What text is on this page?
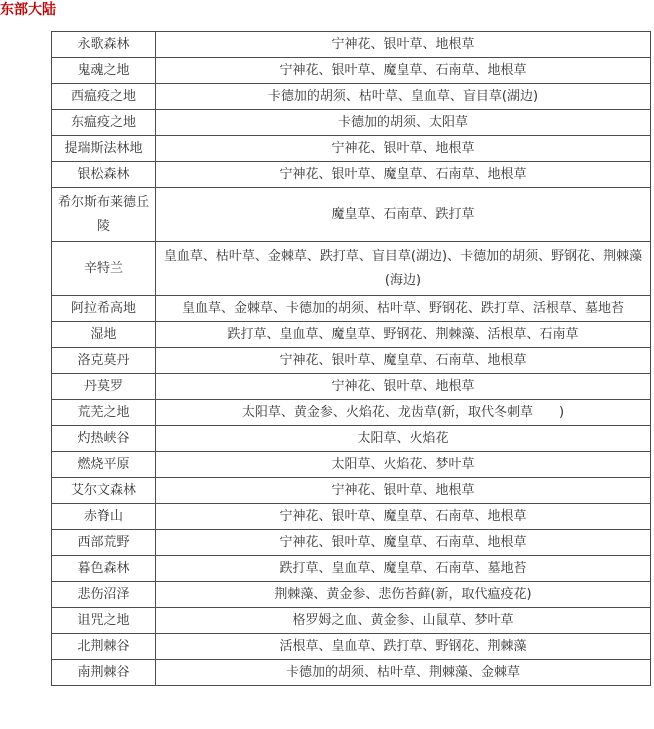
东部大陆
永歌森林	宁神花、银叶草、地根草
鬼魂之地	宁神花、银叶草、魔皇草、石南草、地根草
西瘟疫之地	卡德加的胡须、枯叶草、皇血草、盲目草(湖边)
东瘟疫之地	卡德加的胡须、太阳草
提瑞斯法林地	宁神花、银叶草、地根草
银松森林	宁神花、银叶草、魔皇草、石南草、地根草
希尔斯布莱德丘陵	魔皇草、石南草、跌打草
辛特兰	皇血草、枯叶草、金棘草、跌打草、盲目草(湖边)、卡德加的胡须、野钢花、荆棘藻(海边)
阿拉希高地	皇血草、金棘草、卡德加的胡须、枯叶草、野钢花、跌打草、活根草、墓地苔
湿地	跌打草、皇血草、魔皇草、野钢花、荆棘藻、活根草、石南草
洛克莫丹	宁神花、银叶草、魔皇草、石南草、地根草
丹莫罗	宁神花、银叶草、地根草
荒芜之地	太阳草、黄金参、火焰花、龙齿草(新，取代冬刺草　　)
灼热峡谷	太阳草、火焰花
燃烧平原	太阳草、火焰花、梦叶草
艾尔文森林	宁神花、银叶草、地根草
赤脊山	宁神花、银叶草、魔皇草、石南草、地根草
西部荒野	宁神花、银叶草、魔皇草、石南草、地根草
暮色森林	跌打草、皇血草、魔皇草、石南草、墓地苔
悲伤沼泽	荆棘藻、黄金参、悲伤苔藓(新，取代瘟疫花)
诅咒之地	格罗姆之血、黄金参、山鼠草、梦叶草
北荆棘谷	活根草、皇血草、跌打草、野钢花、荆棘藻
南荆棘谷	卡德加的胡须、枯叶草、荆棘藻、金棘草
